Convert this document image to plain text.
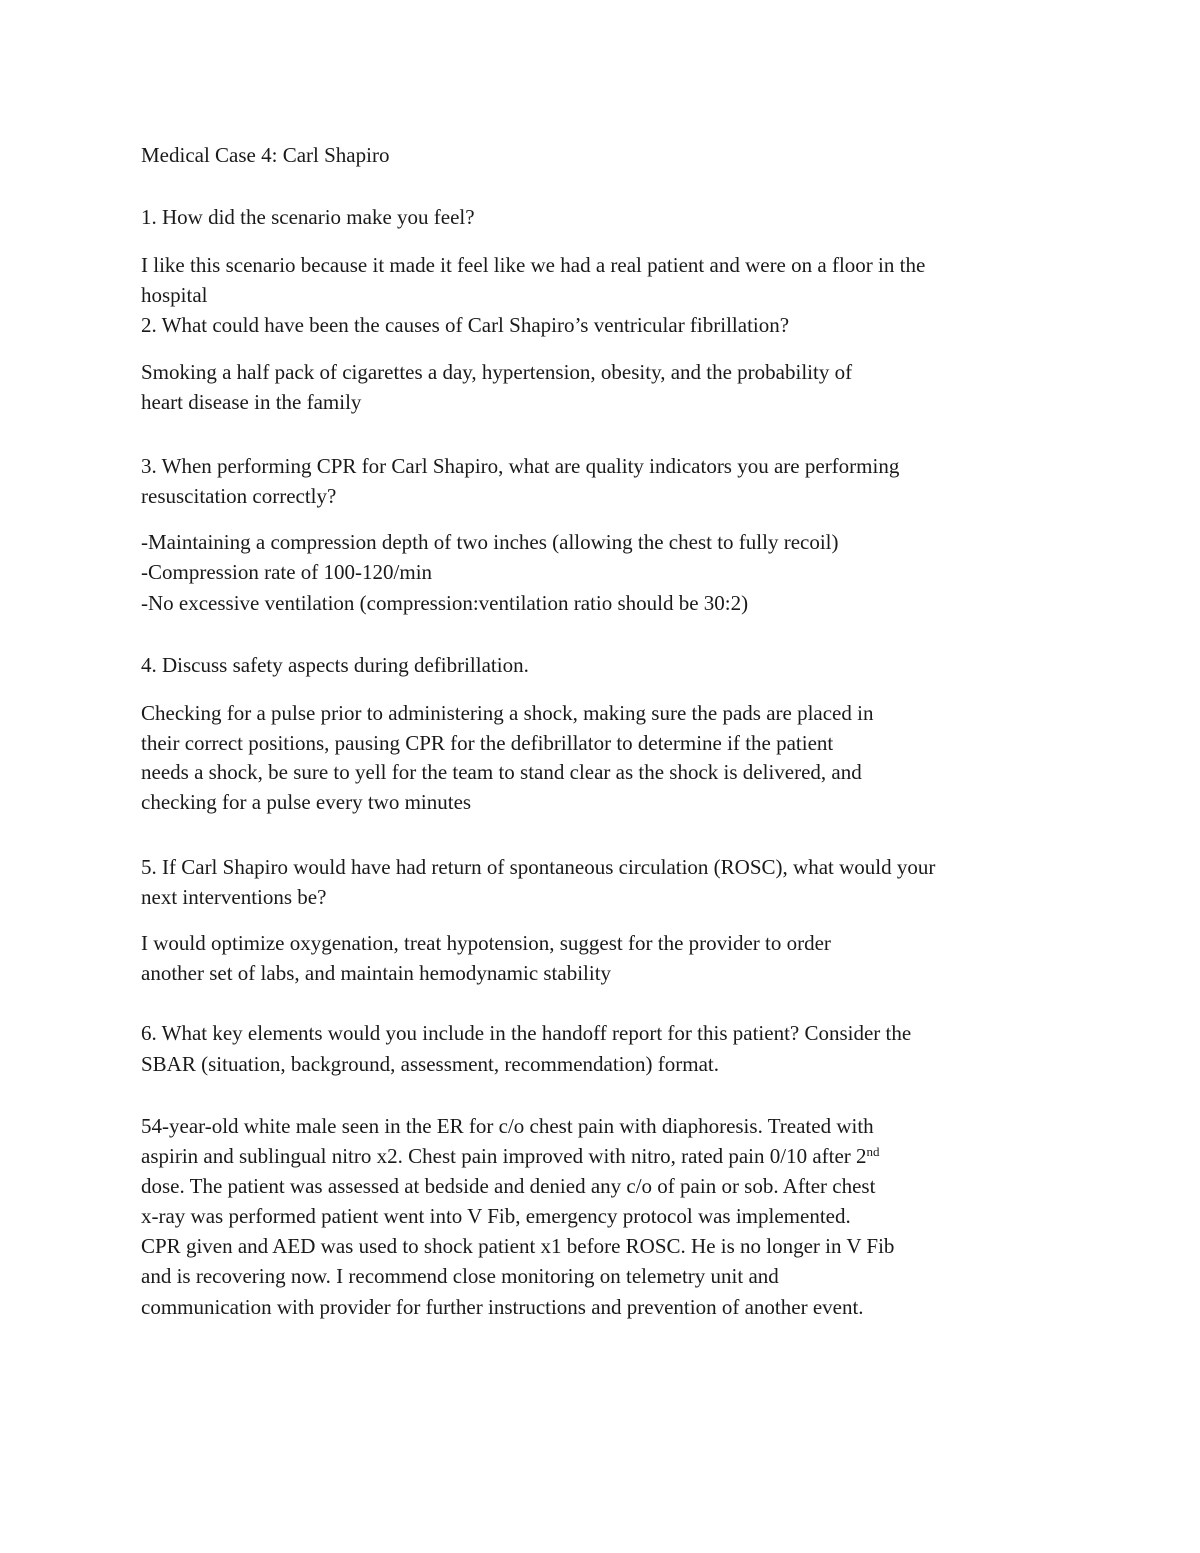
Medical Case 4: Carl Shapiro

1. How did the scenario make you feel?

I like this scenario because it made it feel like we had a real patient and were on a floor in the

hospital

2. What could have been the causes of Carl Shapiro’s ventricular fibrillation?

Smoking a half pack of cigarettes a day, hypertension, obesity, and the probability of

heart disease in the family

3. When performing CPR for Carl Shapiro, what are quality indicators you are performing

resuscitation correctly?

-Maintaining a compression depth of two inches (allowing the chest to fully recoil)

-Compression rate of 100-120/min

-No excessive ventilation (compression:ventilation ratio should be 30:2)

4. Discuss safety aspects during defibrillation.

Checking for a pulse prior to administering a shock, making sure the pads are placed in

their correct positions, pausing CPR for the defibrillator to determine if the patient

needs a shock, be sure to yell for the team to stand clear as the shock is delivered, and

checking for a pulse every two minutes

5. If Carl Shapiro would have had return of spontaneous circulation (ROSC), what would your

next interventions be?

I would optimize oxygenation, treat hypotension, suggest for the provider to order

another set of labs, and maintain hemodynamic stability

6. What key elements would you include in the handoff report for this patient? Consider the

SBAR (situation, background, assessment, recommendation) format.

54-year-old white male seen in the ER for c/o chest pain with diaphoresis. Treated with

aspirin and sublingual nitro x2. Chest pain improved with nitro, rated pain 0/10 after 2nd

dose. The patient was assessed at bedside and denied any c/o of pain or sob. After chest

x-ray was performed patient went into V Fib, emergency protocol was implemented.

CPR given and AED was used to shock patient x1 before ROSC. He is no longer in V Fib

and is recovering now. I recommend close monitoring on telemetry unit and

communication with provider for further instructions and prevention of another event.
